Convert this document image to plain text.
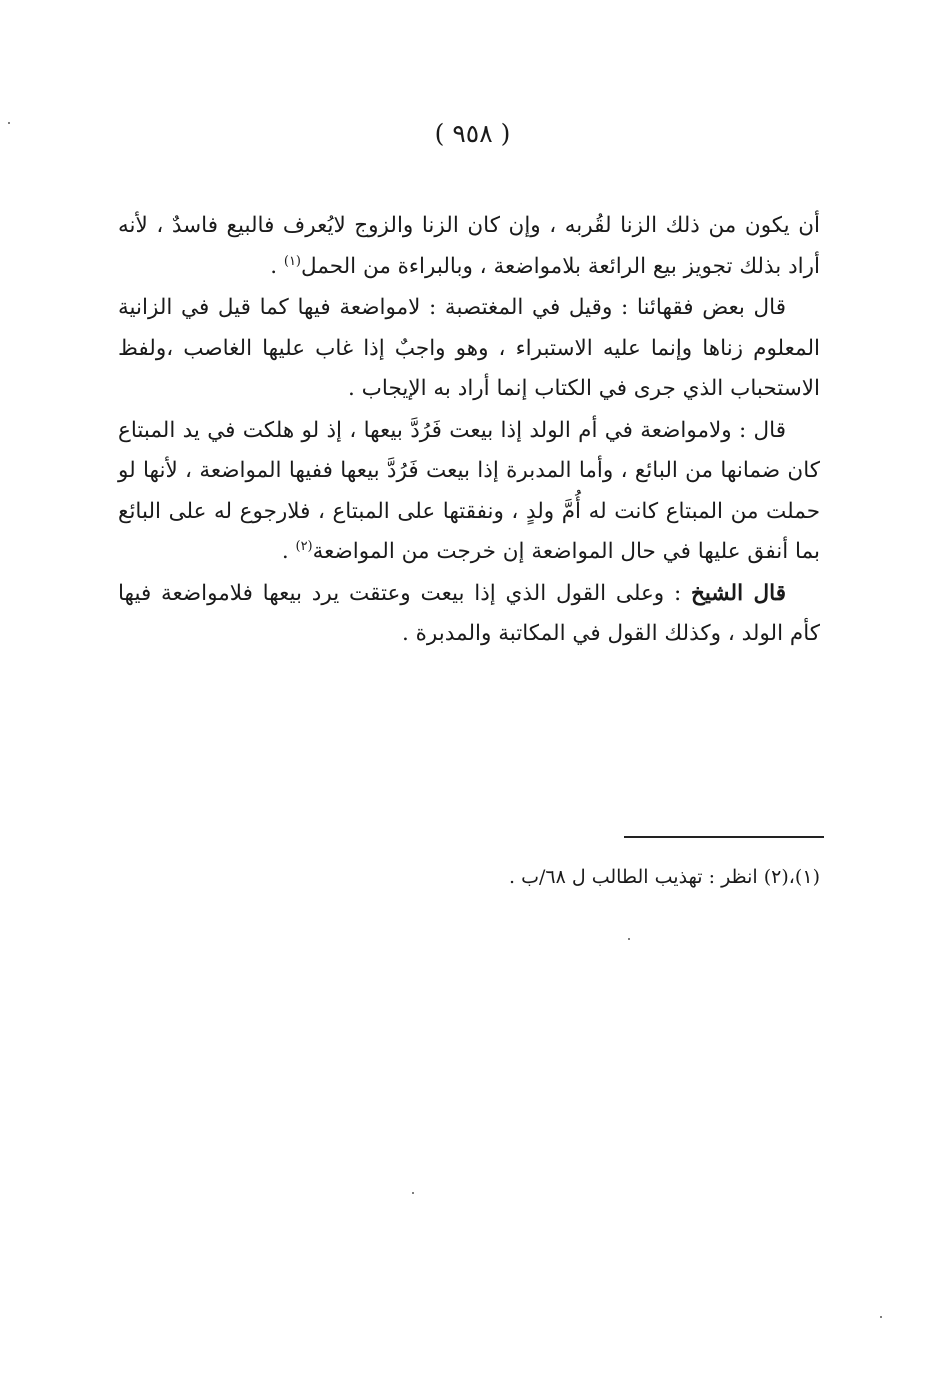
( ٩٥٨ )

أن يكون من ذلك الزنا لقُربه ، وإن كان الزنا والزوج لايُعرف فالبيع فاسدٌ ، لأنه أراد بذلك تجويز بيع الرائعة بلامواضعة ، وبالبراءة من الحمل$^{(١)}$ .

قال بعض فقهائنا : وقيل في المغتصبة : لامواضعة فيها كما قيل في الزانية المعلوم زناها وإنما عليه الاستبراء ، وهو واجبٌ إذا غاب عليها الغاصب ،ولفظ الاستحباب الذي جرى في الكتاب إنما أراد به الإيجاب .

قال : ولامواضعة في أم الولد إذا بيعت فَرُدَّ بيعها ، إذ لو هلكت في يد المبتاع كان ضمانها من البائع ، وأما المدبرة إذا بيعت فَرُدَّ بيعها ففيها المواضعة ، لأنها لو حملت من المبتاع كانت له أُمَّ ولدٍ ، ونفقتها على المبتاع ، فلارجوع له على البائع بما أنفق عليها في حال المواضعة إن خرجت من المواضعة$^{(٢)}$ .

قال الشيخ : وعلى القول الذي إذا بيعت وعتقت يرد بيعها فلامواضعة فيها كأم الولد ، وكذلك القول في المكاتبة والمدبرة .

(١)،(٢) انظر : تهذيب الطالب ل ٦٨/ب .
